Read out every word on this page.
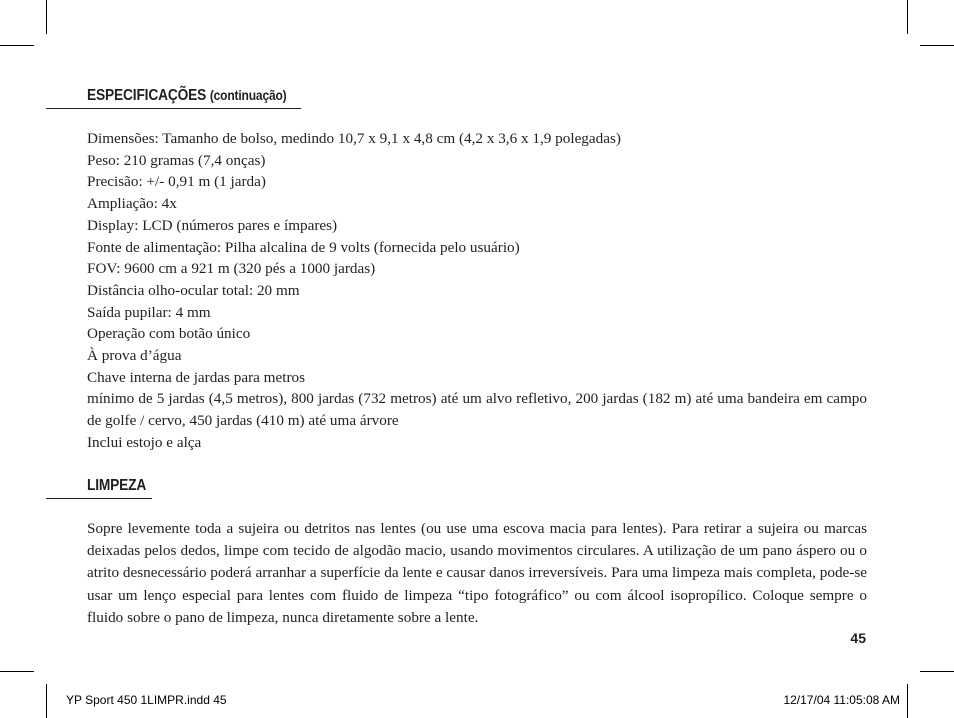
ESPECIFICAÇÕES (continuação)
Dimensões: Tamanho de bolso, medindo 10,7 x 9,1 x 4,8 cm (4,2 x 3,6 x 1,9 polegadas)
Peso: 210 gramas (7,4 onças)
Precisão: +/- 0,91 m (1 jarda)
Ampliação: 4x
Display: LCD (números pares e ímpares)
Fonte de alimentação: Pilha alcalina de 9 volts (fornecida pelo usuário)
FOV: 9600 cm a 921 m (320 pés a 1000 jardas)
Distância olho-ocular total: 20 mm
Saída pupilar: 4 mm
Operação com botão único
À prova d’água
Chave interna de jardas para metros
mínimo de 5 jardas (4,5 metros), 800 jardas (732 metros) até um alvo refletivo, 200 jardas (182 m) até uma bandeira em campo de golfe / cervo, 450 jardas (410 m) até uma árvore
Inclui estojo e alça
LIMPEZA
Sopre levemente toda a sujeira ou detritos nas lentes (ou use uma escova macia para lentes). Para retirar a sujeira ou marcas deixadas pelos dedos, limpe com tecido de algodão macio, usando movimentos circulares. A utilização de um pano áspero ou o atrito desnecessário poderá arranhar a superfície da lente e causar danos irreversíveis. Para uma limpeza mais completa, pode-se usar um lenço especial para lentes com fluido de limpeza “tipo fotográfico” ou com álcool isopropílico. Coloque sempre o fluido sobre o pano de limpeza, nunca diretamente sobre a lente.
45
YP Sport 450 1LIMPR.indd 45	12/17/04 11:05:08 AM
